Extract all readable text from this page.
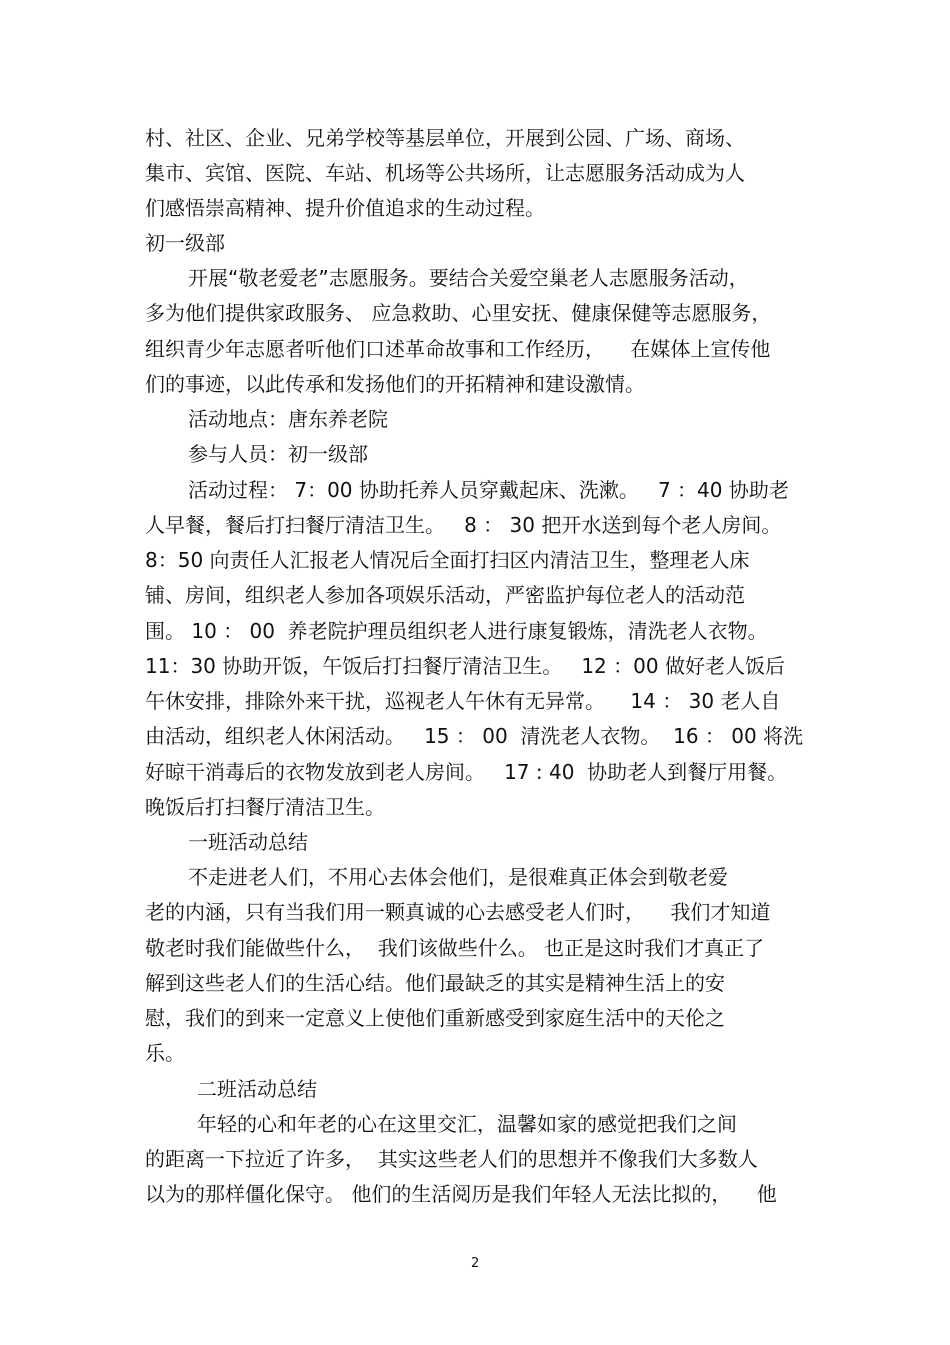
村、社区、企业、兄弟学校等基层单位，开展到公园、广场、商场、
集市、宾馆、医院、车站、机场等公共场所，让志愿服务活动成为人
们感悟崇高精神、提升价值追求的生动过程。
初一级部
开展“敬老爱老”志愿服务。要结合关爱空巢老人志愿服务活动，
多为他们提供家政服务、 应急救助、心里安抚、健康保健等志愿服务，
组织青少年志愿者听他们口述革命故事和工作经历，    在媒体上宣传他
们的事迹，以此传承和发扬他们的开拓精神和建设激情。
活动地点：唐东养老院
参与人员：初一级部
活动过程： 7：00 协助托养人员穿戴起床、洗漱。   7 ：40 协助老
人早餐，餐后打扫餐厅清洁卫生。   8 ： 30 把开水送到每个老人房间。
8：50 向责任人汇报老人情况后全面打扫区内清洁卫生，整理老人床
铺、房间，组织老人参加各项娱乐活动，严密监护每位老人的活动范
围。 10 ： 00  养老院护理员组织老人进行康复锻炼，清洗老人衣物。
11：30 协助开饭，午饭后打扫餐厅清洁卫生。   12 ：00 做好老人饭后
午休安排，排除外来干扰，巡视老人午休有无异常。    14 ： 30 老人自
由活动，组织老人休闲活动。   15 ： 00  清洗老人衣物。  16 ： 00 将洗
好晾干消毒后的衣物发放到老人房间。   17 : 40  协助老人到餐厅用餐。
晚饭后打扫餐厅清洁卫生。
一班活动总结
不走进老人们，不用心去体会他们，是很难真正体会到敬老爱
老的内涵，只有当我们用一颗真诚的心去感受老人们时，    我们才知道
敬老时我们能做些什么，  我们该做些什么。 也正是这时我们才真正了
解到这些老人们的生活心结。他们最缺乏的其实是精神生活上的安
慰，我们的到来一定意义上使他们重新感受到家庭生活中的天伦之
乐。
二班活动总结
年轻的心和年老的心在这里交汇，温馨如家的感觉把我们之间
的距离一下拉近了许多，  其实这些老人们的思想并不像我们大多数人
以为的那样僵化保守。 他们的生活阅历是我们年轻人无法比拟的，    他
2
